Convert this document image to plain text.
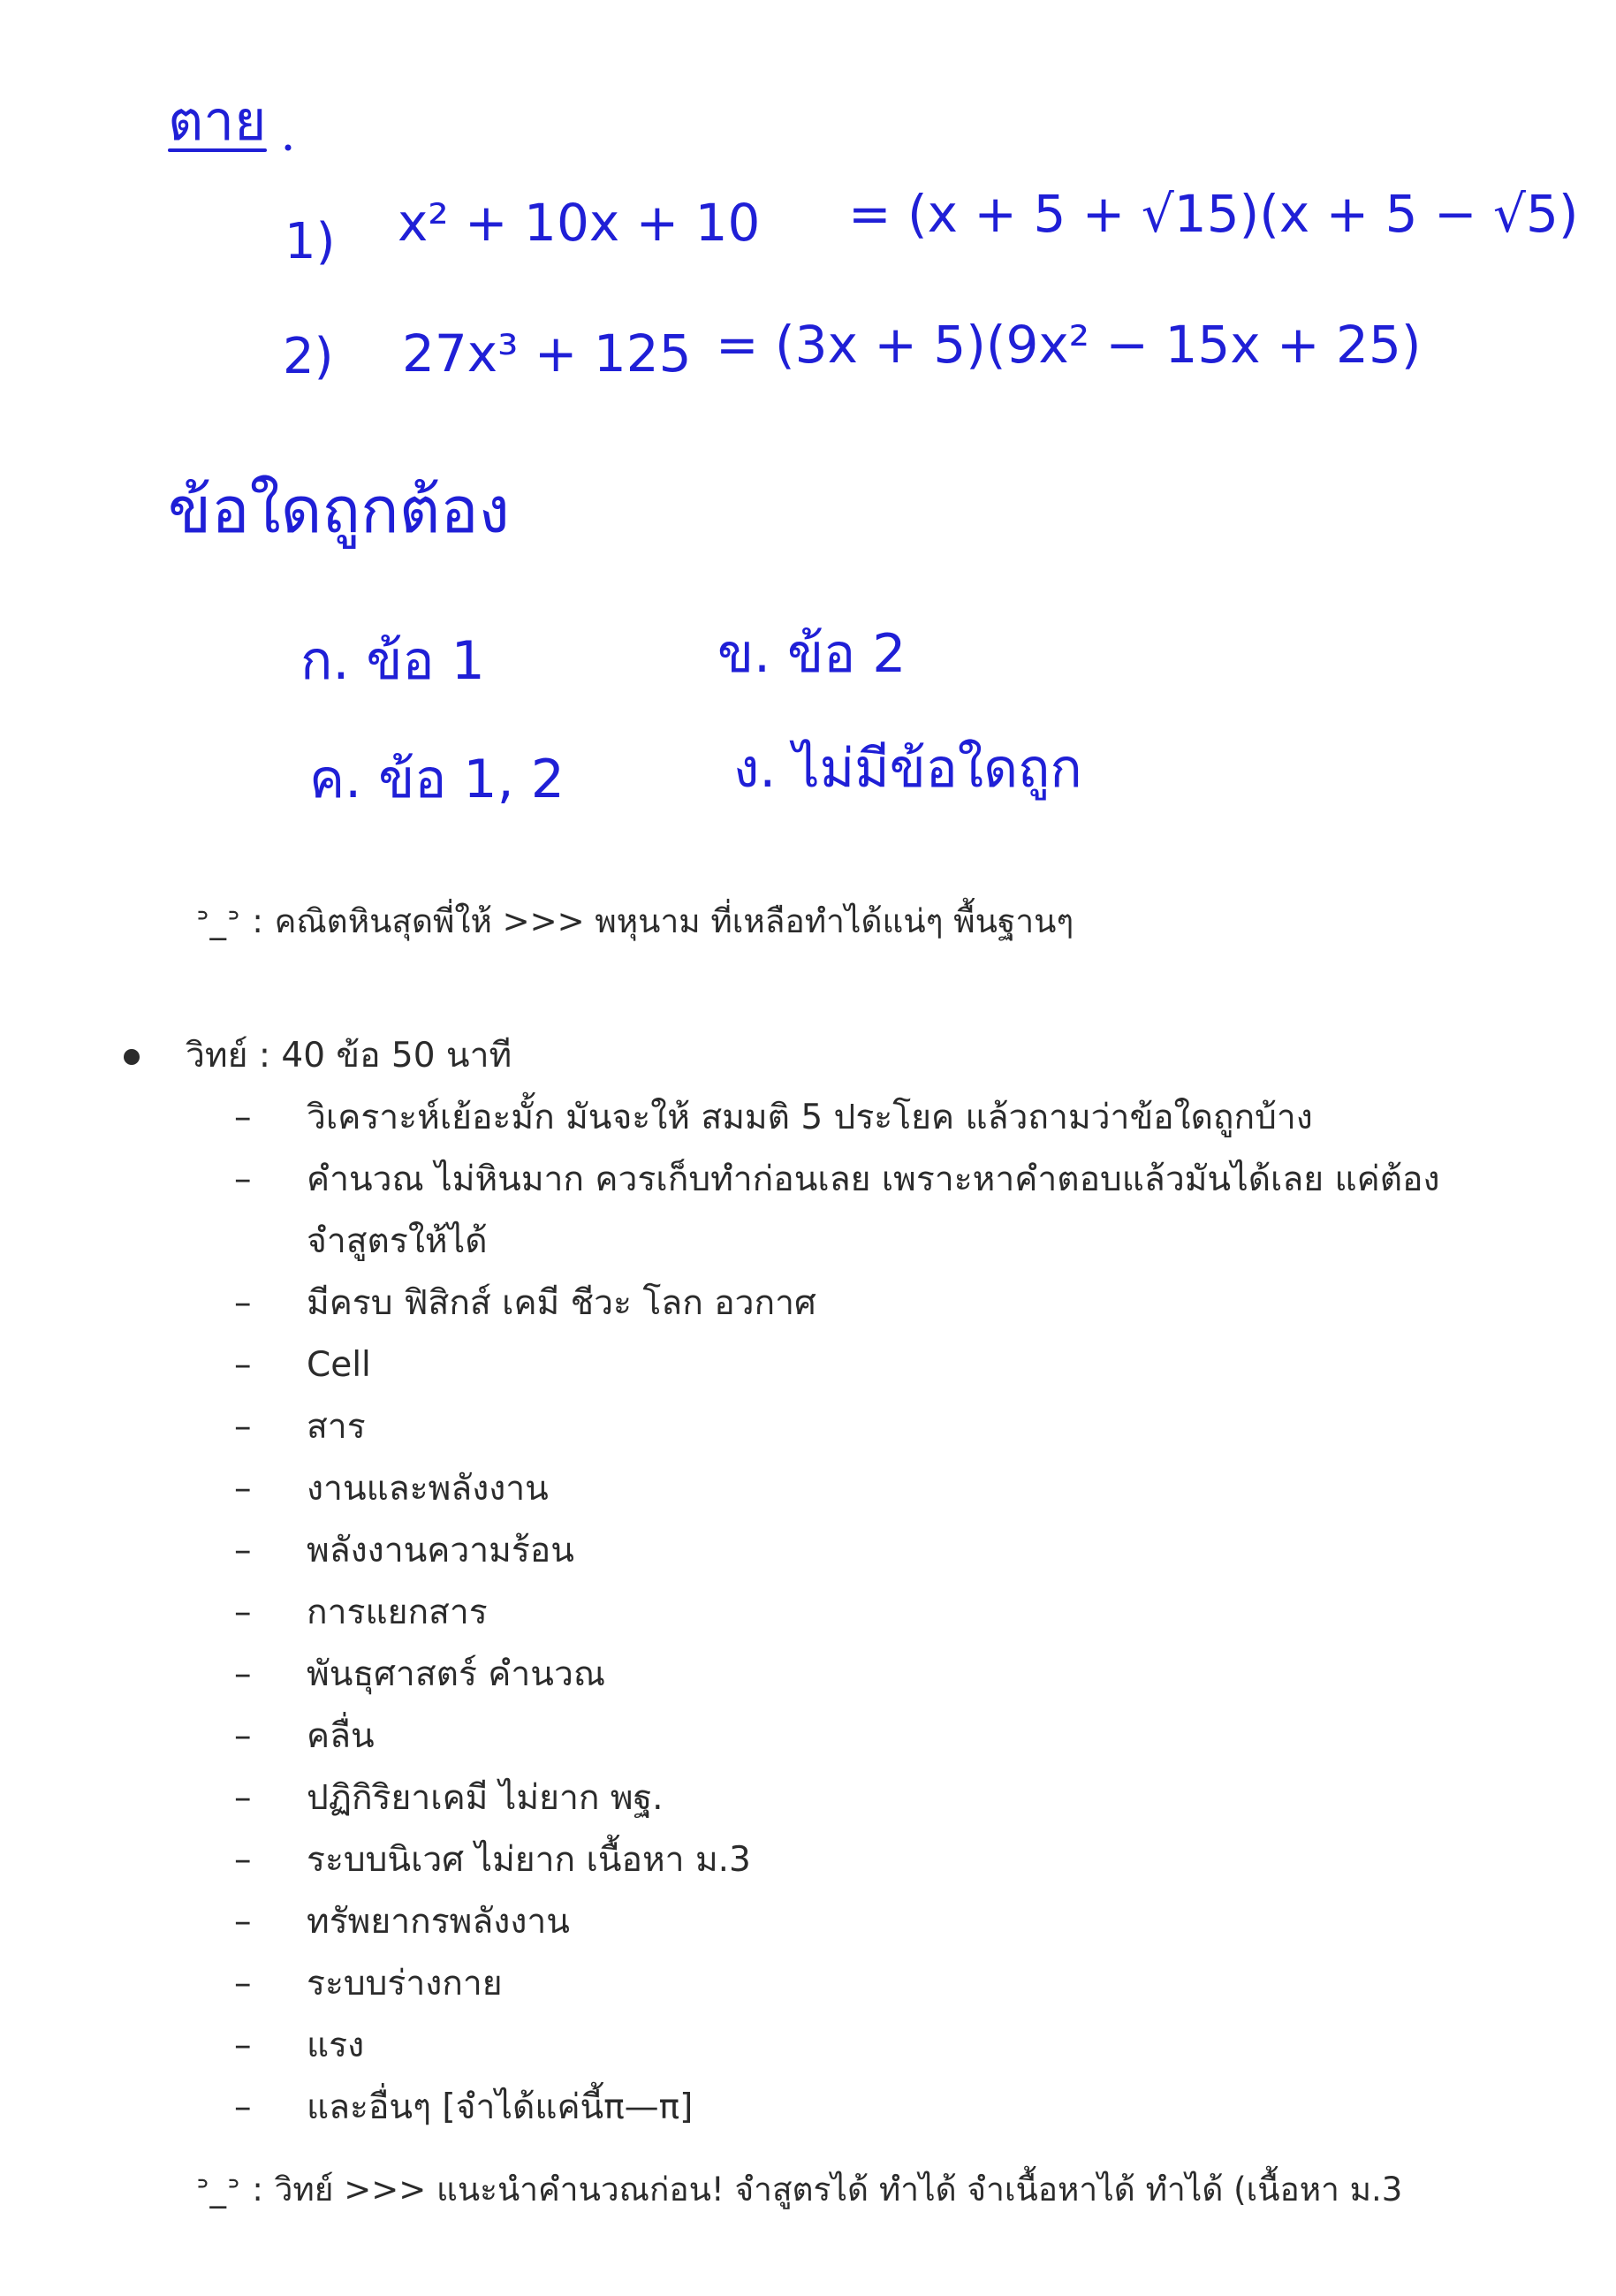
ตาย
1) x² + 10x + 10 = (x + 5 + √15)(x + 5 − √5)
2) 27x³ + 125 = (3x + 5)(9x² − 15x + 25)
ข้อใดถูกต้อง
ก. ข้อ 1	ข. ข้อ 2
ค. ข้อ 1, 2	ง. ไม่มีข้อใดถูก
ᐣ_ᐣ : คณิตหินสุดพี่ให้ >>> พหุนาม ที่เหลือทำได้แน่ๆ พื้นฐานๆ
วิทย์ : 40 ข้อ 50 นาที
– วิเคราะห์เย้อะมั้ก มันจะให้ สมมติ 5 ประโยค แล้วถามว่าข้อใดถูกบ้าง
– คำนวณ ไม่หินมาก ควรเก็บทำก่อนเลย เพราะหาคำตอบแล้วมันได้เลย แค่ต้อง
จำสูตรให้ได้
– มีครบ ฟิสิกส์ เคมี ชีวะ โลก อวกาศ
– Cell
– สาร
– งานและพลังงาน
– พลังงานความร้อน
– การแยกสาร
– พันธุศาสตร์ คำนวณ
– คลื่น
– ปฏิกิริยาเคมี ไม่ยาก พฐ.
– ระบบนิเวศ ไม่ยาก เนื้อหา ม.3
– ทรัพยากรพลังงาน
– ระบบร่างกาย
– แรง
– และอื่นๆ [จำได้แค่นี้π—π]
ᐣ_ᐣ : วิทย์ >>> แนะนำคำนวณก่อน! จำสูตรได้ ทำได้ จำเนื้อหาได้ ทำได้ (เนื้อหา ม.3
